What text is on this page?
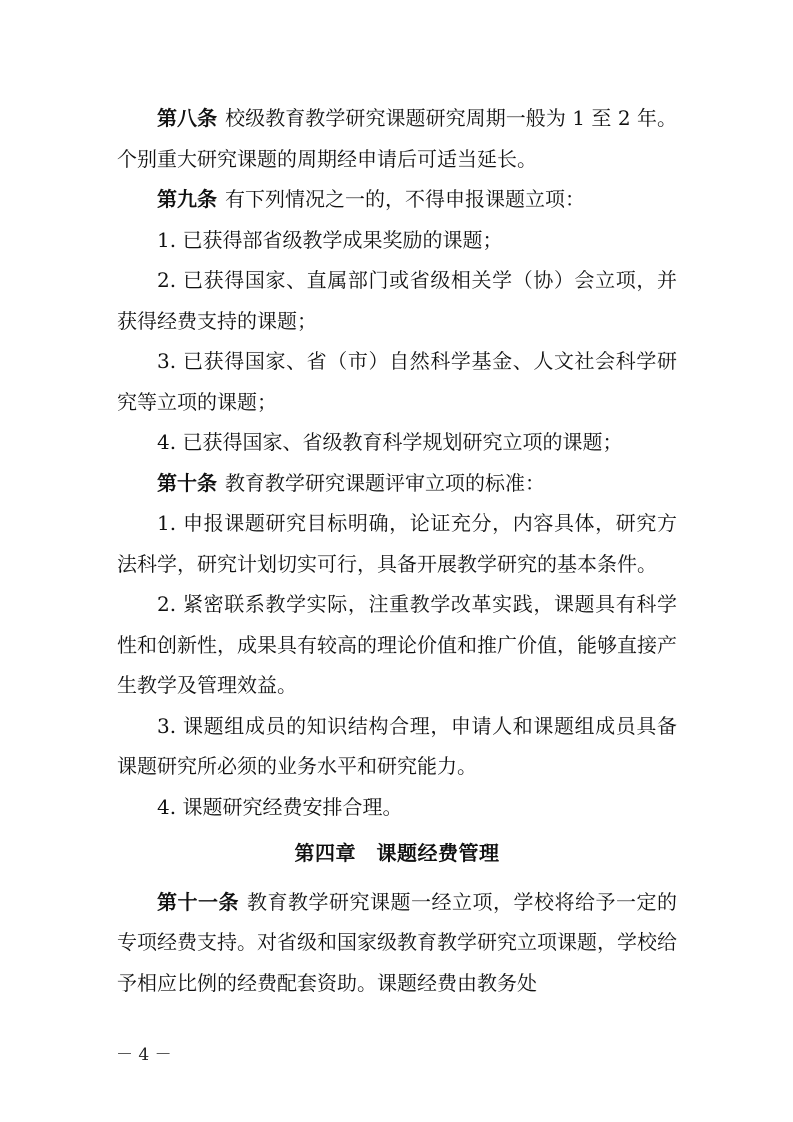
第八条 校级教育教学研究课题研究周期一般为 1 至 2 年。个别重大研究课题的周期经申请后可适当延长。

第九条 有下列情况之一的，不得申报课题立项：

1. 已获得部省级教学成果奖励的课题；

2. 已获得国家、直属部门或省级相关学（协）会立项，并获得经费支持的课题；

3. 已获得国家、省（市）自然科学基金、人文社会科学研究等立项的课题；

4. 已获得国家、省级教育科学规划研究立项的课题；

第十条 教育教学研究课题评审立项的标准：

1. 申报课题研究目标明确，论证充分，内容具体，研究方法科学，研究计划切实可行，具备开展教学研究的基本条件。

2. 紧密联系教学实际，注重教学改革实践，课题具有科学性和创新性，成果具有较高的理论价值和推广价值，能够直接产生教学及管理效益。

3. 课题组成员的知识结构合理，申请人和课题组成员具备课题研究所必须的业务水平和研究能力。

4. 课题研究经费安排合理。

第四章　课题经费管理

第十一条 教育教学研究课题一经立项，学校将给予一定的专项经费支持。对省级和国家级教育教学研究立项课题，学校给予相应比例的经费配套资助。课题经费由教务处

－ 4 －
